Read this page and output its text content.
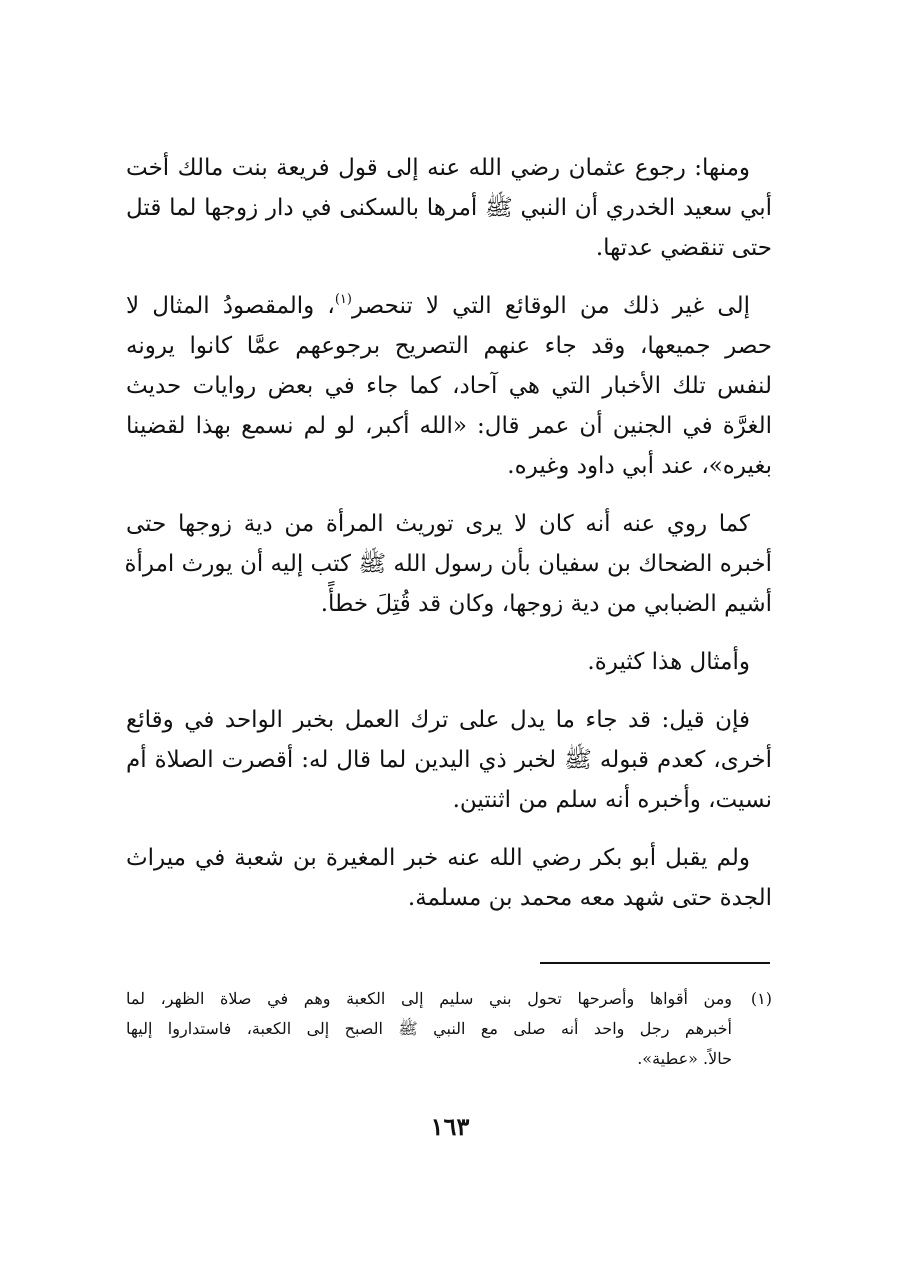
ومنها: رجوع عثمان رضي الله عنه إلى قول فريعة بنت مالك أخت
أبي سعيد الخدري أن النبي ﷺ أمرها بالسكنى في دار زوجها لما قتل
حتى تنقضي عدتها.

إلى غير ذلك من الوقائع التي لا تنحصر$^{(١)}$، والمقصودُ المثال لا
حصر جميعها، وقد جاء عنهم التصريح برجوعهم عمَّا كانوا يرونه
لنفس تلك الأخبار التي هي آحاد، كما جاء في بعض روايات حديث
الغرَّة في الجنين أن عمر قال: «الله أكبر، لو لم نسمع بهذا لقضينا
بغيره»، عند أبي داود وغيره.

كما روي عنه أنه كان لا يرى توريث المرأة من دية زوجها حتى
أخبره الضحاك بن سفيان بأن رسول الله ﷺ كتب إليه أن يورث امرأة
أشيم الضبابي من دية زوجها، وكان قد قُتِلَ خطأً.

وأمثال هذا كثيرة.

فإن قيل: قد جاء ما يدل على ترك العمل بخبر الواحد في وقائع
أخرى، كعدم قبوله ﷺ لخبر ذي اليدين لما قال له: أقصرت الصلاة أم
نسيت، وأخبره أنه سلم من اثنتين.

ولم يقبل أبو بكر رضي الله عنه خبر المغيرة بن شعبة في ميراث
الجدة حتى شهد معه محمد بن مسلمة.

(١)
ومن أقواها وأصرحها تحول بني سليم إلى الكعبة وهم في صلاة الظهر، لما
أخبرهم رجل واحد أنه صلى مع النبي ﷺ الصبح إلى الكعبة، فاستداروا إليها
حالاً. «عطية».
١٦٣
